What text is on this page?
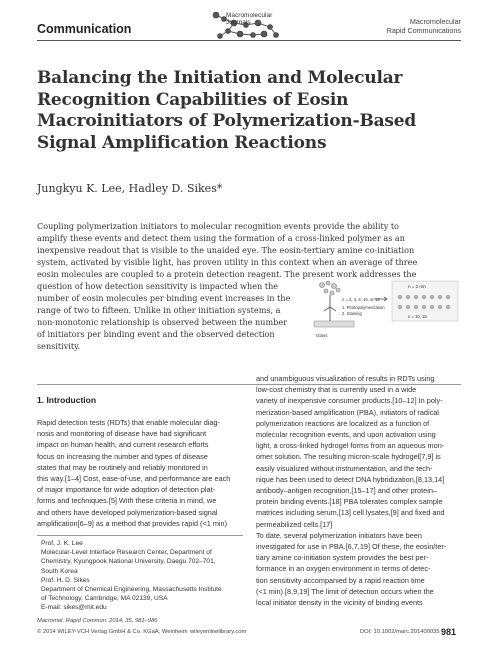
Communication
Macromolecular
Journals	Macromolecular
Rapid Communications
Balancing the Initiation and Molecular
Recognition Capabilities of Eosin
Macroinitiators of Polymerization-Based
Signal Amplification Reactions
Jungkyu K. Lee, Hadley D. Sikes*
Coupling polymerization initiators to molecular recognition events provide the ability to
amplify these events and detect them using the formation of a cross-linked polymer as an
inexpensive readout that is visible to the unaided eye. The eosin-tertiary amine co-initiation
system, activated by visible light, has proven utility in this context when an average of three
eosin molecules are coupled to a protein detection reagent. The present work addresses the
question of how detection sensitivity is impacted when the
number of eosin molecules per binding event increases in the
range of two to fifteen. Unlike in other initiation systems, a
non-monotonic relationship is observed between the number
of initiators per binding event and the observed detection
sensitivity.
Glass
n = 2, 4, 6, 10, or 15
1. Photopolymerization
2. Staining
n = 2 nm
n = 10, 15
1. Introduction
Rapid detection tests (RDTs) that enable molecular diag-
nosis and monitoring of disease have had significant
impact on human health, and current research efforts
focus on increasing the number and types of disease
states that may be routinely and reliably monitored in
this way.[1–4] Cost, ease-of-use, and performance are each
of major importance for wide adoption of detection plat-
forms and techniques.[5] With these criteria in mind, we
and others have developed polymerization-based signal
amplification[6–9] as a method that provides rapid (<1 min)
and unambiguous visualization of results in RDTs using
low-cost chemistry that is currently used in a wide
variety of inexpensive consumer products.[10–12] In poly-
merization-based amplification (PBA), initiators of radical
polymerization reactions are localized as a function of
molecular recognition events, and upon activation using
light, a cross-linked hydrogel forms from an aqueous mon-
omer solution. The resulting micron-scale hydrogel[7,9] is
easily visualized without instrumentation, and the tech-
nique has been used to detect DNA hybridization,[8,13,14]
antibody–antigen recognition,[15–17] and other protein–
protein binding events.[18] PBA tolerates complex sample
matrices including serum,[13] cell lysates,[9] and fixed and
permeabilized cells.[17]
To date, several polymerization initiators have been
investigated for use in PBA.[6,7,19] Of these, the eosin/ter-
tiary amine co-initiation system provides the best per-
formance in an oxygen environment in terms of detec-
tion sensitivity accompanied by a rapid reaction time
(<1 min).[8,9,19] The limit of detection occurs when the
local initiator density in the vicinity of binding events
Prof. J. K. Lee
Molecular-Level Interface Research Center, Department of
Chemistry, Kyungpook National University, Daegu 702–701,
South Korea
Prof. H. D. Sikes
Department of Chemical Engineering, Massachusetts Institute
of Technology, Cambridge, MA 02139, USA
E-mail: sikes@mit.edu
Macromol. Rapid Commun. 2014, 35, 981–986
© 2014 WILEY-VCH Verlag GmbH & Co. KGaA, Weinheim wileyonlinelibrary.com	DOI: 10.1002/marc.201400035 981
